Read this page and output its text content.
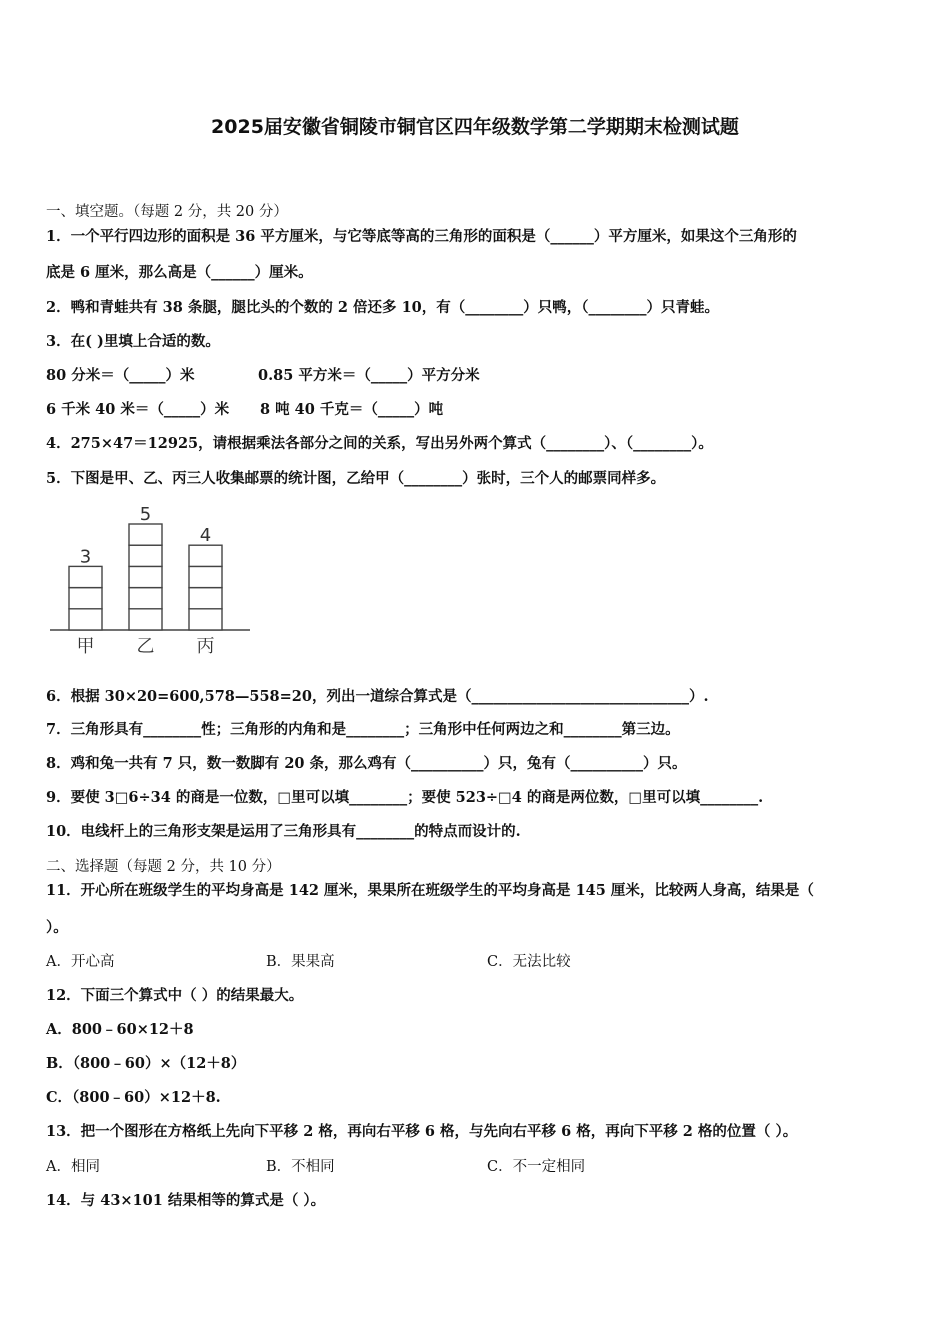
2025届安徽省铜陵市铜官区四年级数学第二学期期末检测试题
一、填空题。（每题 2 分，共 20 分）
1．一个平行四边形的面积是 36 平方厘米，与它等底等高的三角形的面积是（______）平方厘米，如果这个三角形的
底是 6 厘米，那么高是（______）厘米。
2．鸭和青蛙共有 38 条腿，腿比头的个数的 2 倍还多 10，有（________）只鸭，（________）只青蛙。
3．在( )里填上合适的数。
80 分米＝（_____）米	0.85 平方米＝（_____）平方分米
6 千米 40 米＝（_____）米 8 吨 40 千克＝（_____）吨
4．275×47＝12925，请根据乘法各部分之间的关系，写出另外两个算式（________）、（________）。
5．下图是甲、乙、丙三人收集邮票的统计图，乙给甲（________）张时，三个人的邮票同样多。
3
甲
5
乙
4
丙
6．根据 30×20=600,578—558=20，列出一道综合算式是（______________________________）.
7．三角形具有________性；三角形的内角和是________；三角形中任何两边之和________第三边。
8．鸡和兔一共有 7 只，数一数脚有 20 条，那么鸡有（__________）只，兔有（__________）只。
9．要使 3□6÷34 的商是一位数，□里可以填________；要使 523÷□4 的商是两位数，□里可以填________.
10．电线杆上的三角形支架是运用了三角形具有________的特点而设计的.
二、选择题（每题 2 分，共 10 分）
11．开心所在班级学生的平均身高是 142 厘米，果果所在班级学生的平均身高是 145 厘米，比较两人身高，结果是（
）。
A．开心高	B．果果高	C．无法比较
12．下面三个算式中（ ）的结果最大。
A．800﹣60×12＋8
B．（800﹣60）×（12＋8）
C．（800﹣60）×12＋8.
13．把一个图形在方格纸上先向下平移 2 格，再向右平移 6 格，与先向右平移 6 格，再向下平移 2 格的位置（ ）。
A．相同	B．不相同	C．不一定相同
14．与 43×101 结果相等的算式是（ ）。
